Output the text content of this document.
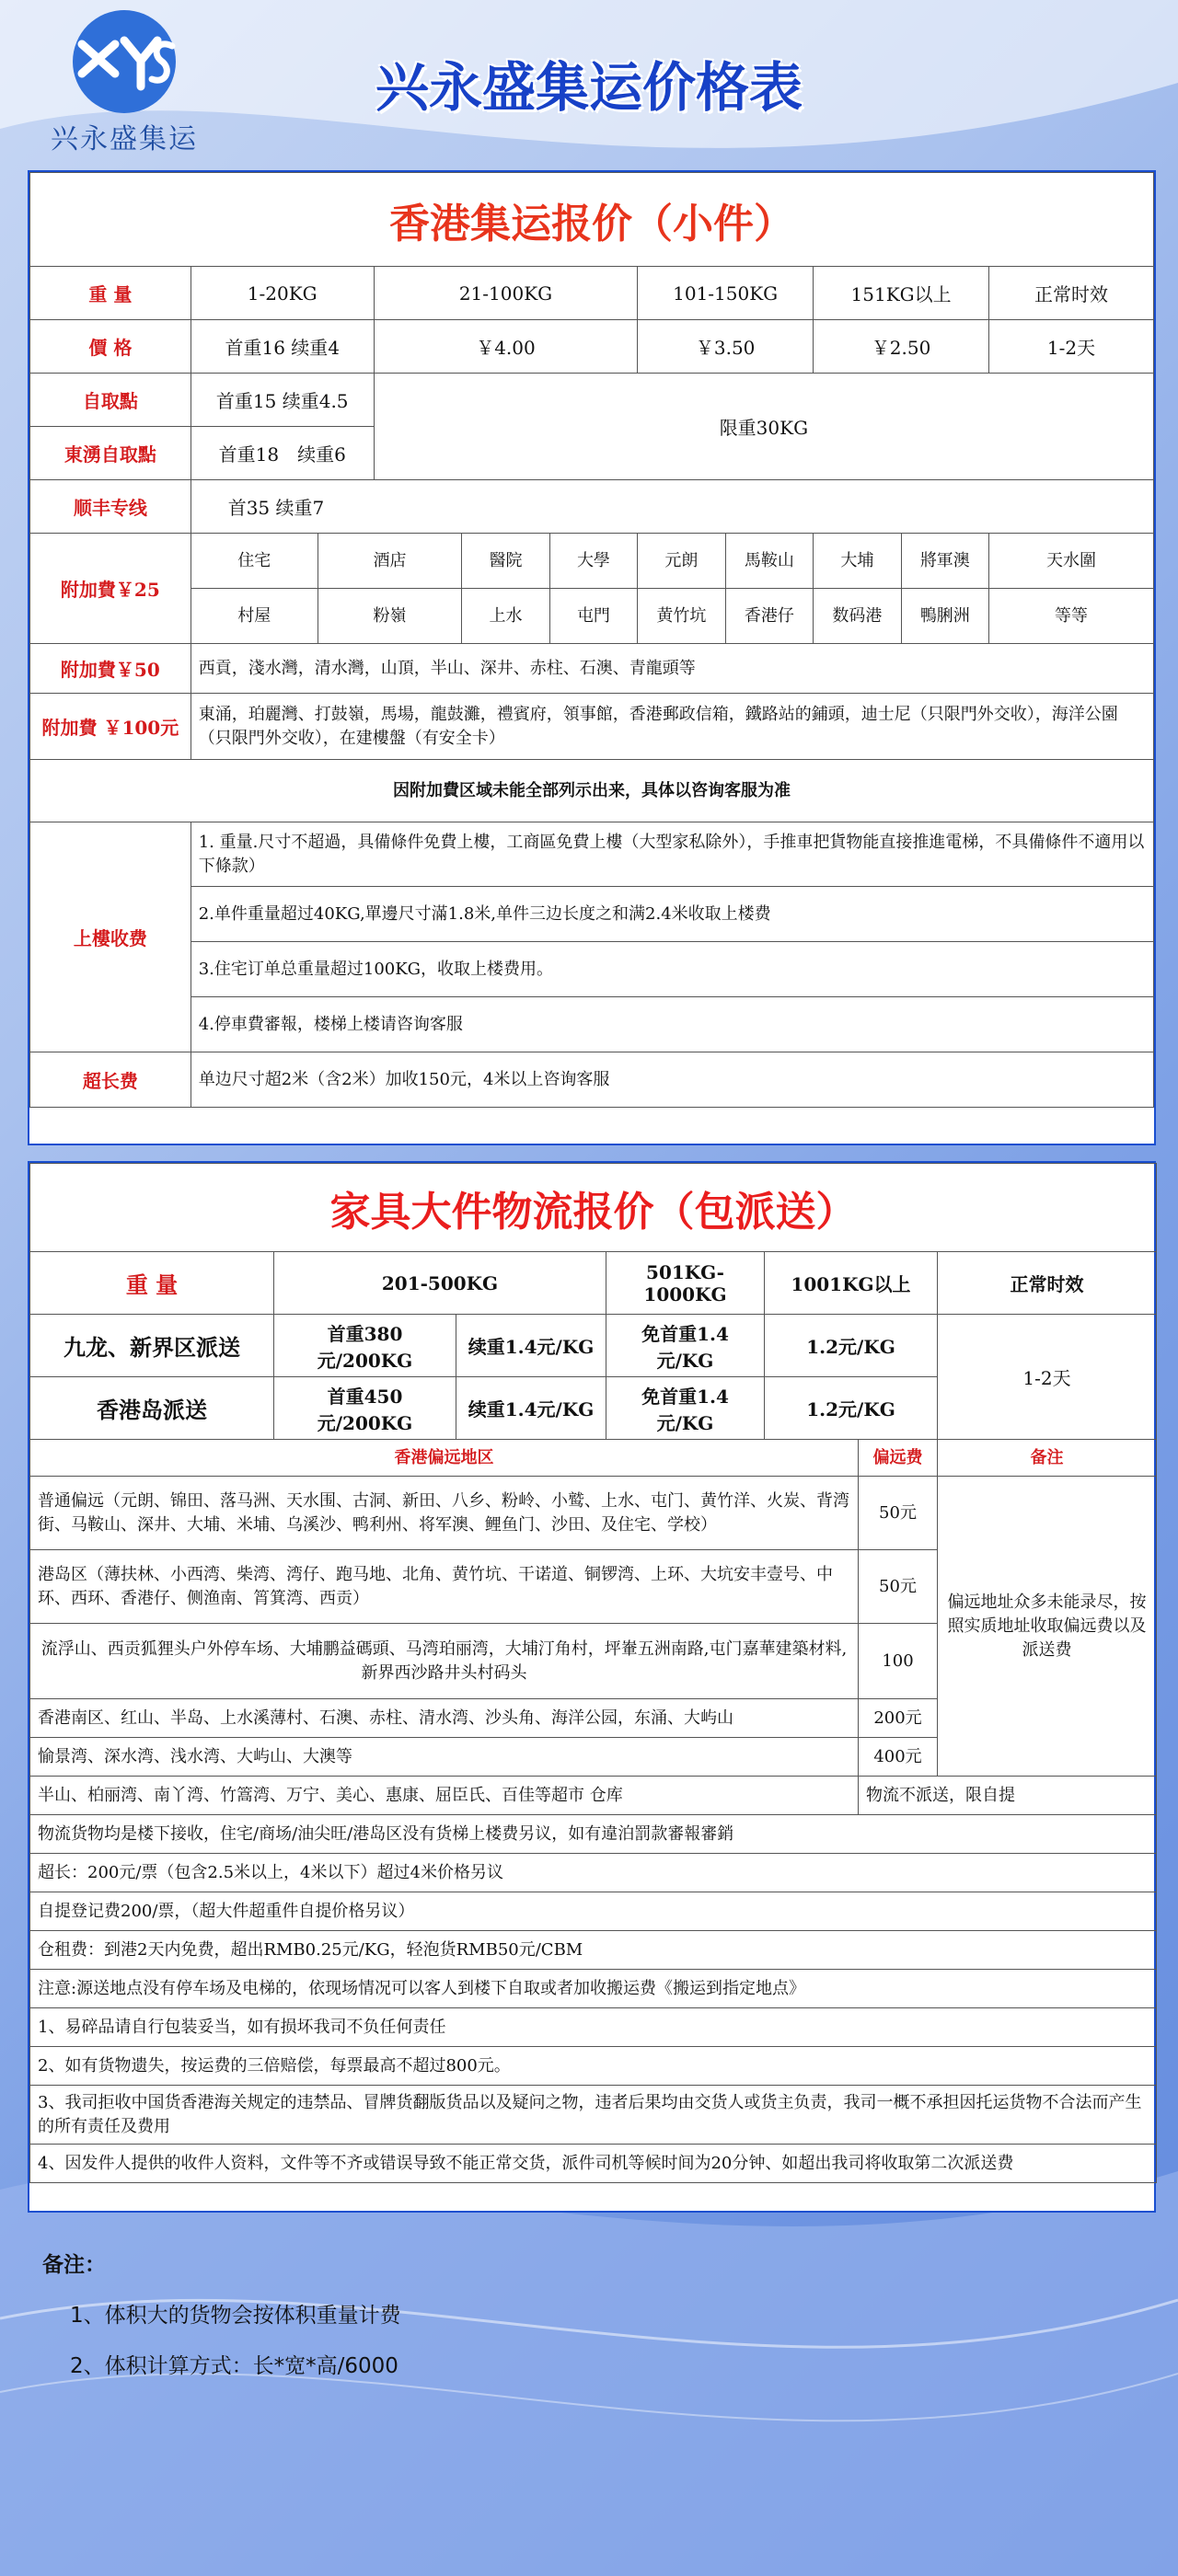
兴永盛集运
兴永盛集运价格表
香港集运报价（小件）										
重 量	1-20KG		21-100KG			101-150KG		151KG以上		正常时效
價 格	首重16 续重4		￥4.00			￥3.50		￥2.50		1-2天
自取點	首重15 续重4.5		限重30KG							
東湧自取點	首重18　续重6									
顺丰专线	首35 续重7									
附加費￥25	住宅	酒店		醫院	大學	元朗	馬鞍山	大埔	將軍澳	天水圍
	村屋	粉嶺		上水	屯門	黄竹坑	香港仔	数码港	鴨脷洲	等等
附加費￥50	西貢，淺水灣，清水灣，山頂，半山、深井、赤柱、石澳、青龍頭等									
附加費 ￥100元	東涌，珀麗灣、打鼓嶺，馬場，龍鼓灘，禮賓府，領事館，香港郵政信箱，鐵路站的鋪頭，迪士尼（只限門外交收），海洋公園（只限門外交收），在建樓盤（有安全卡）									
因附加費区域未能全部列示出来，具体以咨询客服为准										
上樓收费	1. 重量.尺寸不超過，具備條件免費上樓，工商區免費上樓（大型家私除外），手推車把貨物能直接推進電梯，不具備條件不適用以下條款）									
	2.单件重量超过40KG,單邊尺寸滿1.8米,单件三边长度之和满2.4米收取上楼费									
	3.住宅订单总重量超过100KG，收取上楼费用。									
	4.停車費審報，楼梯上楼请咨询客服									
超长费	单边尺寸超2米（含2米）加收150元，4米以上咨询客服									
家具大件物流报价（包派送）						
重 量	201-500KG		501KG-1000KG	1001KG以上		正常时效
九龙、新界区派送	首重380元/200KG	续重1.4元/KG	免首重1.4元/KG	1.2元/KG		1-2天
香港岛派送	首重450元/200KG	续重1.4元/KG	免首重1.4元/KG	1.2元/KG		
香港偏远地区					偏远费	备注
普通偏远（元朗、锦田、落马洲、天水围、古洞、新田、八乡、粉岭、小鹫、上水、屯门、黄竹洋、火炭、背湾街、马鞍山、深井、大埔、米埔、乌溪沙、鸭利州、将军澳、鲤鱼门、沙田、及住宅、学校）					50元	偏远地址众多未能录尽，按照实质地址收取偏远费以及派送费
港岛区（薄扶林、小西湾、柴湾、湾仔、跑马地、北角、黄竹坑、干诺道、铜锣湾、上环、大坑安丰壹号、中环、西环、香港仔、侧渔南、筲箕湾、西贡）					50元	
流浮山、西贡狐狸头户外停车场、大埔鹏益碼頭、马湾珀丽湾，大埔汀角村，坪輋五洲南路,屯门嘉華建築材料,新界西沙路井头村码头					100	
香港南区、红山、半岛、上水溪薄村、石澳、赤柱、清水湾、沙头角、海洋公园，东涌、大屿山					200元	
愉景湾、深水湾、浅水湾、大屿山、大澳等					400元	
半山、柏丽湾、南丫湾、竹篙湾、万宁、美心、惠康、屈臣氏、百佳等超市 仓库					物流不派送，限自提	
物流货物均是楼下接收，住宅/商场/油尖旺/港岛区没有货梯上楼费另议，如有違泊罰款審報審銷						
超长：200元/票（包含2.5米以上，4米以下）超过4米价格另议						
自提登记费200/票，（超大件超重件自提价格另议）						
仓租费：到港2天内免费，超出RMB0.25元/KG，轻泡货RMB50元/CBM						
注意:源送地点没有停车场及电梯的，依现场情况可以客人到楼下自取或者加收搬运费《搬运到指定地点》						
1、易碎品请自行包装妥当，如有损坏我司不负任何责任						
2、如有货物遗失，按运费的三倍赔偿，每票最高不超过800元。						
3、我司拒收中国货香港海关规定的违禁品、冒牌货翻版货品以及疑问之物，违者后果均由交货人或货主负责，我司一概不承担因托运货物不合法而产生的所有责任及费用						
4、因发件人提供的收件人资料，文件等不齐或错误导致不能正常交货，派件司机等候时间为20分钟、如超出我司将收取第二次派送费						
备注：
1、体积大的货物会按体积重量计费
2、体积计算方式：长*宽*高/6000
